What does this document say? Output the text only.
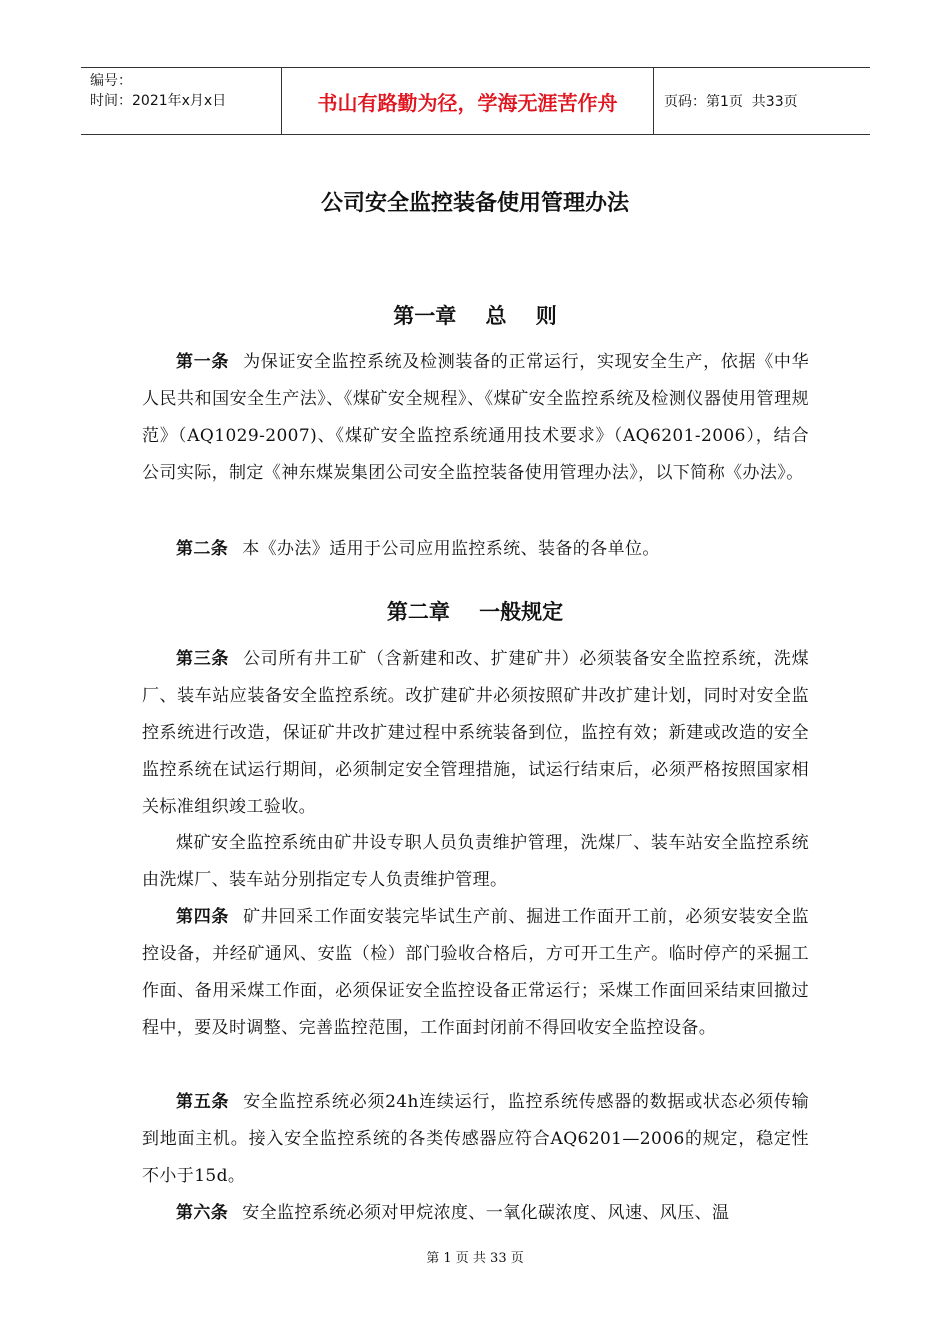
编号：
时间：2021年x月x日	书山有路勤为径，学海无涯苦作舟	页码：第1页  共33页
公司安全监控装备使用管理办法
第一章    总    则
第一条 为保证安全监控系统及检测装备的正常运行，实现安全生产，依据《中华人民共和国安全生产法》、《煤矿安全规程》、《煤矿安全监控系统及检测仪器使用管理规范》（AQ1029-2007)、《煤矿安全监控系统通用技术要求》（AQ6201-2006），结合公司实际，制定《神东煤炭集团公司安全监控装备使用管理办法》，以下简称《办法》。
第二条 本《办法》适用于公司应用监控系统、装备的各单位。
第二章    一般规定
第三条 公司所有井工矿（含新建和改、扩建矿井）必须装备安全监控系统，洗煤厂、装车站应装备安全监控系统。改扩建矿井必须按照矿井改扩建计划，同时对安全监控系统进行改造，保证矿井改扩建过程中系统装备到位，监控有效；新建或改造的安全监控系统在试运行期间，必须制定安全管理措施，试运行结束后，必须严格按照国家相关标准组织竣工验收。
煤矿安全监控系统由矿井设专职人员负责维护管理，洗煤厂、装车站安全监控系统由洗煤厂、装车站分别指定专人负责维护管理。
第四条 矿井回采工作面安装完毕试生产前、掘进工作面开工前，必须安装安全监控设备，并经矿通风、安监（检）部门验收合格后，方可开工生产。临时停产的采掘工作面、备用采煤工作面，必须保证安全监控设备正常运行；采煤工作面回采结束回撤过程中，要及时调整、完善监控范围，工作面封闭前不得回收安全监控设备。
第五条 安全监控系统必须24h连续运行，监控系统传感器的数据或状态必须传输到地面主机。接入安全监控系统的各类传感器应符合AQ6201—2006的规定，稳定性不小于15d。
第六条 安全监控系统必须对甲烷浓度、一氧化碳浓度、风速、风压、温
第 1 页 共 33 页
